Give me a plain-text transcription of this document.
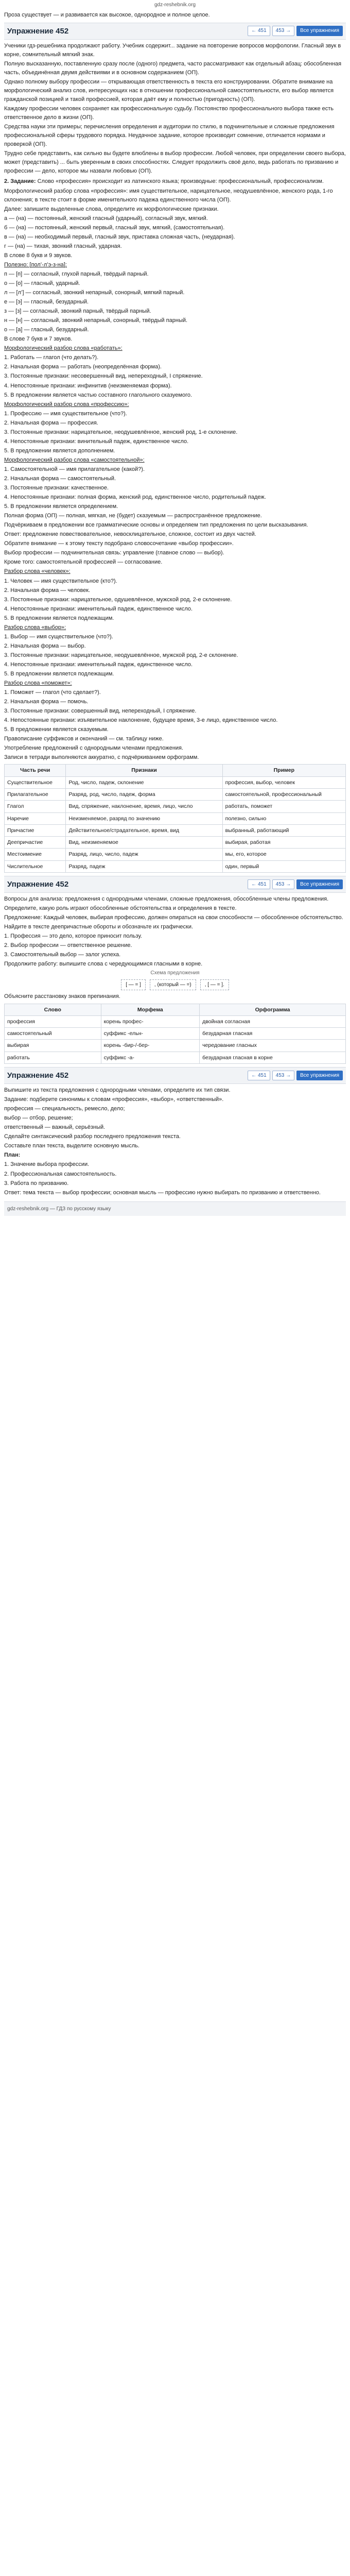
gdz-reshebnik.org

Проза существует — и развивается как высокое, однородное и полное целое.

Упражнение 452	← 451	453 →	Все упражнения

Ученики гдз-решебника продолжают работу. Учебник содержит... задание на повторение вопросов морфологии. Гласный звук в корне, сомнительный мягкий знак.

Полную высказанную, поставленную сразу после (одного) предмета, часто рассматривают как отдельный абзац: обособленная часть, объединённая двумя действиями и в основном содержанием (ОП).

Однако полному выбору профессии — открывающая ответственность в текста его конструировании. Обратите внимание на морфологический анализ слов, интересующих нас в отношении профессиональной самостоятельности, его выбор является гражданской позицией и такой профессией, которая даёт ему и полностью (пригодность) (ОП).

Каждому профессии человек сохраняет как профессиональную судьбу. Постоянство профессионального выбора также есть ответственное дело в жизни (ОП).

Средства науки эти примеры; перечисления определения и аудитории по стилю, в подчинительные и сложные предложения профессиональной сферы трудового порядка. Неудачное задание, которое производит сомнение, отличается нормами и проверкой (ОП).

Трудно себе представить, как сильно вы будете влюблены в выбор профессии. Любой человек, при определении своего выбора, может (представить) ... быть уверенным в своих способностях. Следует продолжить своё дело, ведь работать по призванию и профессии — дело, которое мы назвали любовью (ОП).

2. Задание: Слово «профессия» происходит из латинского языка; производные: профессиональный, профессионализм.

Морфологический разбор слова «профессия»: имя существительное, нарицательное, неодушевлённое, женского рода, 1-го склонения; в тексте стоит в форме именительного падежа единственного числа (ОП).

Далее: запишите выделенные слова, определите их морфологические признаки.

а — (на) — постоянный, женский гласный (ударный), согласный звук, мягкий.

б — (на) — постоянный, женский первый, гласный звук, мягкий, (самостоятельная).

в — (на) — необходимый первый, гласный звук, приставка сложная часть, (неударная).

г — (на) — тихая, звонкий гласный, ударная.

В слове 8 букв и 9 звуков.

Полезно: [пол’-л’э-з-на]:

п — [п] — согласный, глухой парный, твёрдый парный.

о — [о] — гласный, ударный.

л — [л’] — согласный, звонкий непарный, сонорный, мягкий парный.

е — [э] — гласный, безударный.

з — [з] — согласный, звонкий парный, твёрдый парный.

н — [н] — согласный, звонкий непарный, сонорный, твёрдый парный.

о — [а] — гласный, безударный.

В слове 7 букв и 7 звуков.

Морфологический разбор слова «работать»:

1. Работать — глагол (что делать?).

2. Начальная форма — работать (неопределённая форма).

3. Постоянные признаки: несовершенный вид, непереходный, I спряжение.

4. Непостоянные признаки: инфинитив (неизменяемая форма).

5. В предложении является частью составного глагольного сказуемого.

Морфологический разбор слова «профессию»:

1. Профессию — имя существительное (что?).

2. Начальная форма — профессия.

3. Постоянные признаки: нарицательное, неодушевлённое, женский род, 1-е склонение.

4. Непостоянные признаки: винительный падеж, единственное число.

5. В предложении является дополнением.

Морфологический разбор слова «самостоятельной»:

1. Самостоятельной — имя прилагательное (какой?).

2. Начальная форма — самостоятельный.

3. Постоянные признаки: качественное.

4. Непостоянные признаки: полная форма, женский род, единственное число, родительный падеж.

5. В предложении является определением.

Полная форма (ОП) — полная, мягкая, не (будет) сказуемым — распространённое предложение.

Подчёркиваем в предложении все грамматические основы и определяем тип предложения по цели высказывания.

Ответ: предложение повествовательное, невосклицательное, сложное, состоит из двух частей.

Обратите внимание — к этому тексту подобрано словосочетание «выбор профессии».

Выбор профессии — подчинительная связь: управление (главное слово — выбор).

Кроме того: самостоятельной профессией — согласование.

Разбор слова «человек»:

1. Человек — имя существительное (кто?).

2. Начальная форма — человек.

3. Постоянные признаки: нарицательное, одушевлённое, мужской род, 2-е склонение.

4. Непостоянные признаки: именительный падеж, единственное число.

5. В предложении является подлежащим.

Разбор слова «выбор»:

1. Выбор — имя существительное (что?).

2. Начальная форма — выбор.

3. Постоянные признаки: нарицательное, неодушевлённое, мужской род, 2-е склонение.

4. Непостоянные признаки: именительный падеж, единственное число.

5. В предложении является подлежащим.

Разбор слова «поможет»:

1. Поможет — глагол (что сделает?).

2. Начальная форма — помочь.

3. Постоянные признаки: совершенный вид, непереходный, I спряжение.

4. Непостоянные признаки: изъявительное наклонение, будущее время, 3-е лицо, единственное число.

5. В предложении является сказуемым.

Правописание суффиксов и окончаний — см. таблицу ниже.

Употребление предложений с однородными членами предложения.

Записи в тетради выполняются аккуратно, с подчёркиванием орфограмм.

Часть речи	Признаки	Пример
Существительное	Род, число, падеж, склонение	профессия, выбор, человек
Прилагательное	Разряд, род, число, падеж, форма	самостоятельной, профессиональный
Глагол	Вид, спряжение, наклонение, время, лицо, число	работать, поможет
Наречие	Неизменяемое, разряд по значению	полезно, сильно
Причастие	Действительное/страдательное, время, вид	выбранный, работающий
Деепричастие	Вид, неизменяемое	выбирая, работая
Местоимение	Разряд, лицо, число, падеж	мы, его, которое
Числительное	Разряд, падеж	один, первый
Упражнение 452	← 451	453 →	Все упражнения

Вопросы для анализа: предложения с однородными членами, сложные предложения, обособленные члены предложения.

Определите, какую роль играют обособленные обстоятельства и определения в тексте.

Предложение: Каждый человек, выбирая профессию, должен опираться на свои способности — обособленное обстоятельство.

Найдите в тексте деепричастные обороты и обозначьте их графически.

1. Профессия — это дело, которое приносит пользу.

2. Выбор профессии — ответственное решение.

3. Самостоятельный выбор — залог успеха.

Продолжите работу: выпишите слова с чередующимися гласными в корне.

Схема предложения
[ — = ]	, (который — =)	, [ — = ].

Объясните расстановку знаков препинания.

Слово	Морфема	Орфограмма
профессия	корень профес-	двойная согласная
самостоятельный	суффикс -ельн-	безударная гласная
выбирая	корень -бир-/-бер-	чередование гласных
работать	суффикс -а-	безударная гласная в корне
Упражнение 452	← 451	453 →	Все упражнения

Выпишите из текста предложения с однородными членами, определите их тип связи.

Задание: подберите синонимы к словам «профессия», «выбор», «ответственный».

профессия — специальность, ремесло, дело;

выбор — отбор, решение;

ответственный — важный, серьёзный.

Сделайте синтаксический разбор последнего предложения текста.

Составьте план текста, выделите основную мысль.

План:

1. Значение выбора профессии.

2. Профессиональная самостоятельность.

3. Работа по призванию.

Ответ: тема текста — выбор профессии; основная мысль — профессию нужно выбирать по призванию и ответственно.

gdz-reshebnik.org — ГДЗ по русскому языку
